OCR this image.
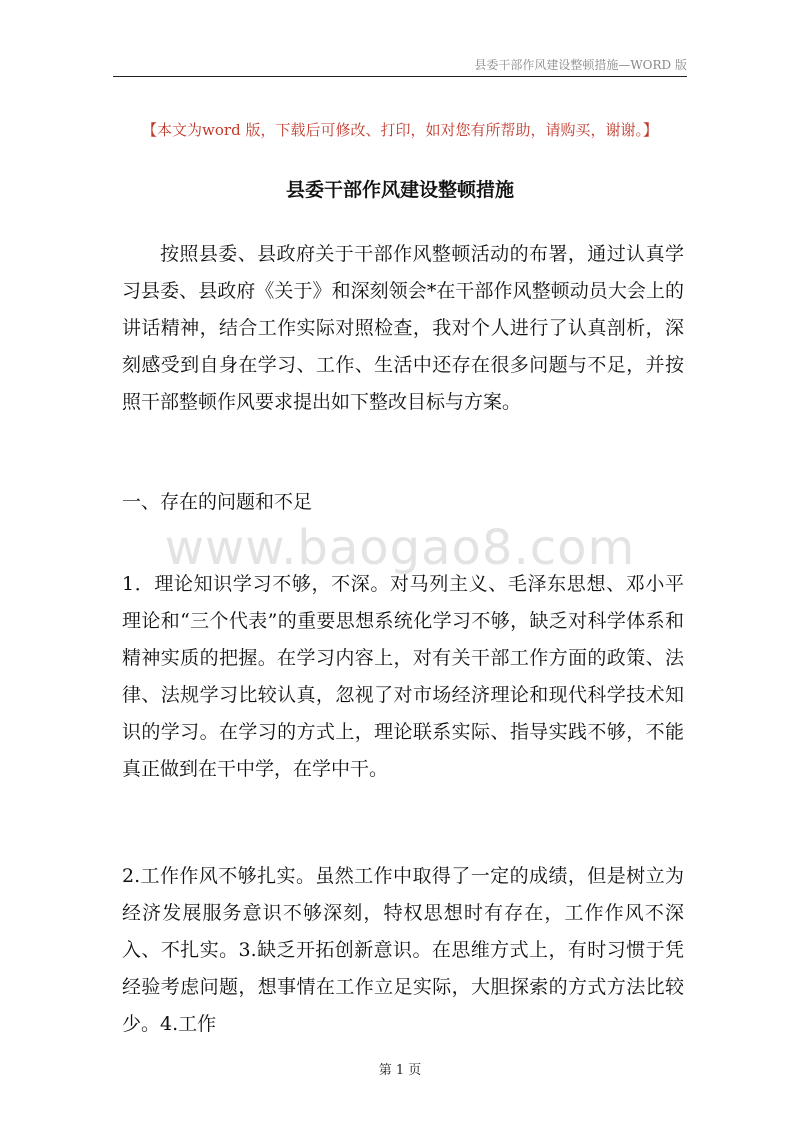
县委干部作风建设整顿措施—WORD 版
【本文为word 版，下载后可修改、打印，如对您有所帮助，请购买，谢谢。】
县委干部作风建设整顿措施

按照县委、县政府关于干部作风整顿活动的布署，通过认真学习县委、县政府《关于》和深刻领会*在干部作风整顿动员大会上的讲话精神，结合工作实际对照检查，我对个人进行了认真剖析，深刻感受到自身在学习、工作、生活中还存在很多问题与不足，并按照干部整顿作风要求提出如下整改目标与方案。

一、存在的问题和不足

www.baogao8.com

1．理论知识学习不够，不深。对马列主义、毛泽东思想、邓小平理论和“三个代表”的重要思想系统化学习不够，缺乏对科学体系和精神实质的把握。在学习内容上，对有关干部工作方面的政策、法律、法规学习比较认真，忽视了对市场经济理论和现代科学技术知识的学习。在学习的方式上，理论联系实际、指导实践不够，不能真正做到在干中学，在学中干。

2.工作作风不够扎实。虽然工作中取得了一定的成绩，但是树立为经济发展服务意识不够深刻，特权思想时有存在，工作作风不深入、不扎实。3.缺乏开拓创新意识。在思维方式上，有时习惯于凭经验考虑问题，想事情在工作立足实际，大胆探索的方式方法比较少。4.工作

第 1 页
